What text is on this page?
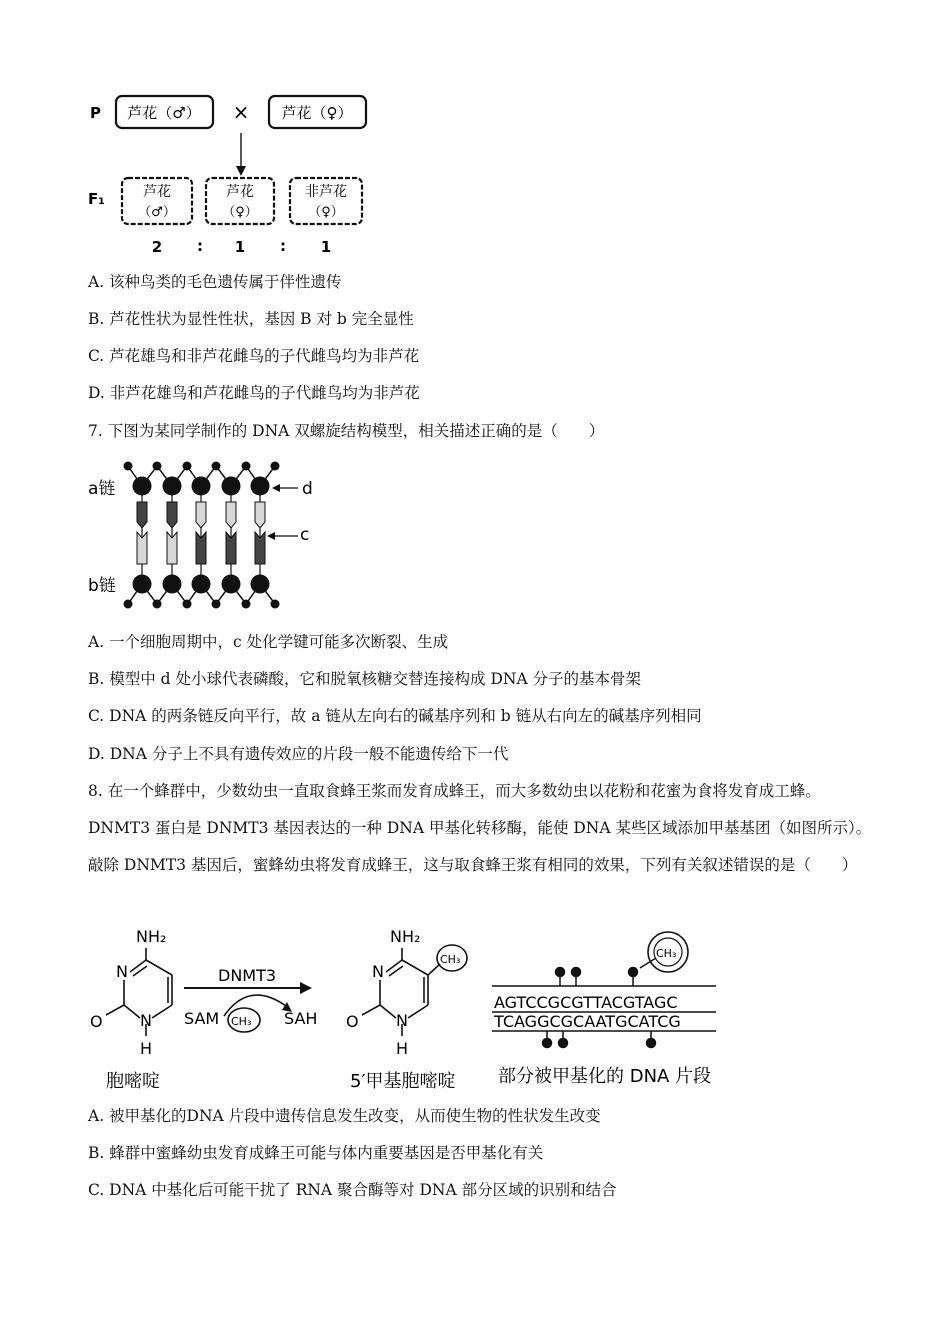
P
F₁
芦花（♂） × 芦花（♀）
芦花
（♂）
芦花
（♀）
非芦花
（♀）
2 : 1 : 1
A. 该种鸟类的毛色遗传属于伴性遗传
B. 芦花性状为显性性状，基因 B 对 b 完全显性
C. 芦花雄鸟和非芦花雌鸟的子代雌鸟均为非芦花
D. 非芦花雄鸟和芦花雌鸟的子代雌鸟均为非芦花
7. 下图为某同学制作的 DNA 双螺旋结构模型，相关描述正确的是（　　）
a链
b链
d
c
A. 一个细胞周期中，c 处化学键可能多次断裂、生成
B. 模型中 d 处小球代表磷酸，它和脱氧核糖交替连接构成 DNA 分子的基本骨架
C. DNA 的两条链反向平行，故 a 链从左向右的碱基序列和 b 链从右向左的碱基序列相同
D. DNA 分子上不具有遗传效应的片段一般不能遗传给下一代
8. 在一个蜂群中，少数幼虫一直取食蜂王浆而发育成蜂王，而大多数幼虫以花粉和花蜜为食将发育成工蜂。DNMT3 蛋白是 DNMT3 基因表达的一种 DNA 甲基化转移酶，能使 DNA 某些区域添加甲基基团（如图所示）。敲除 DNMT3 基因后，蜜蜂幼虫将发育成蜂王，这与取食蜂王浆有相同的效果，下列有关叙述错误的是（　　）
NH₂
N
N
O
H
胞嘧啶
DNMT3
SAM CH₃ SAH
CH₃
NH₂
N
N
O
H
5′甲基胞嘧啶
CH₃
AGTCCGCGTTACGTAGC
TCAGGCGCAATGCATCG
部分被甲基化的 DNA 片段
A. 被甲基化的DNA 片段中遗传信息发生改变，从而使生物的性状发生改变
B. 蜂群中蜜蜂幼虫发育成蜂王可能与体内重要基因是否甲基化有关
C. DNA 中基化后可能干扰了 RNA 聚合酶等对 DNA 部分区域的识别和结合
